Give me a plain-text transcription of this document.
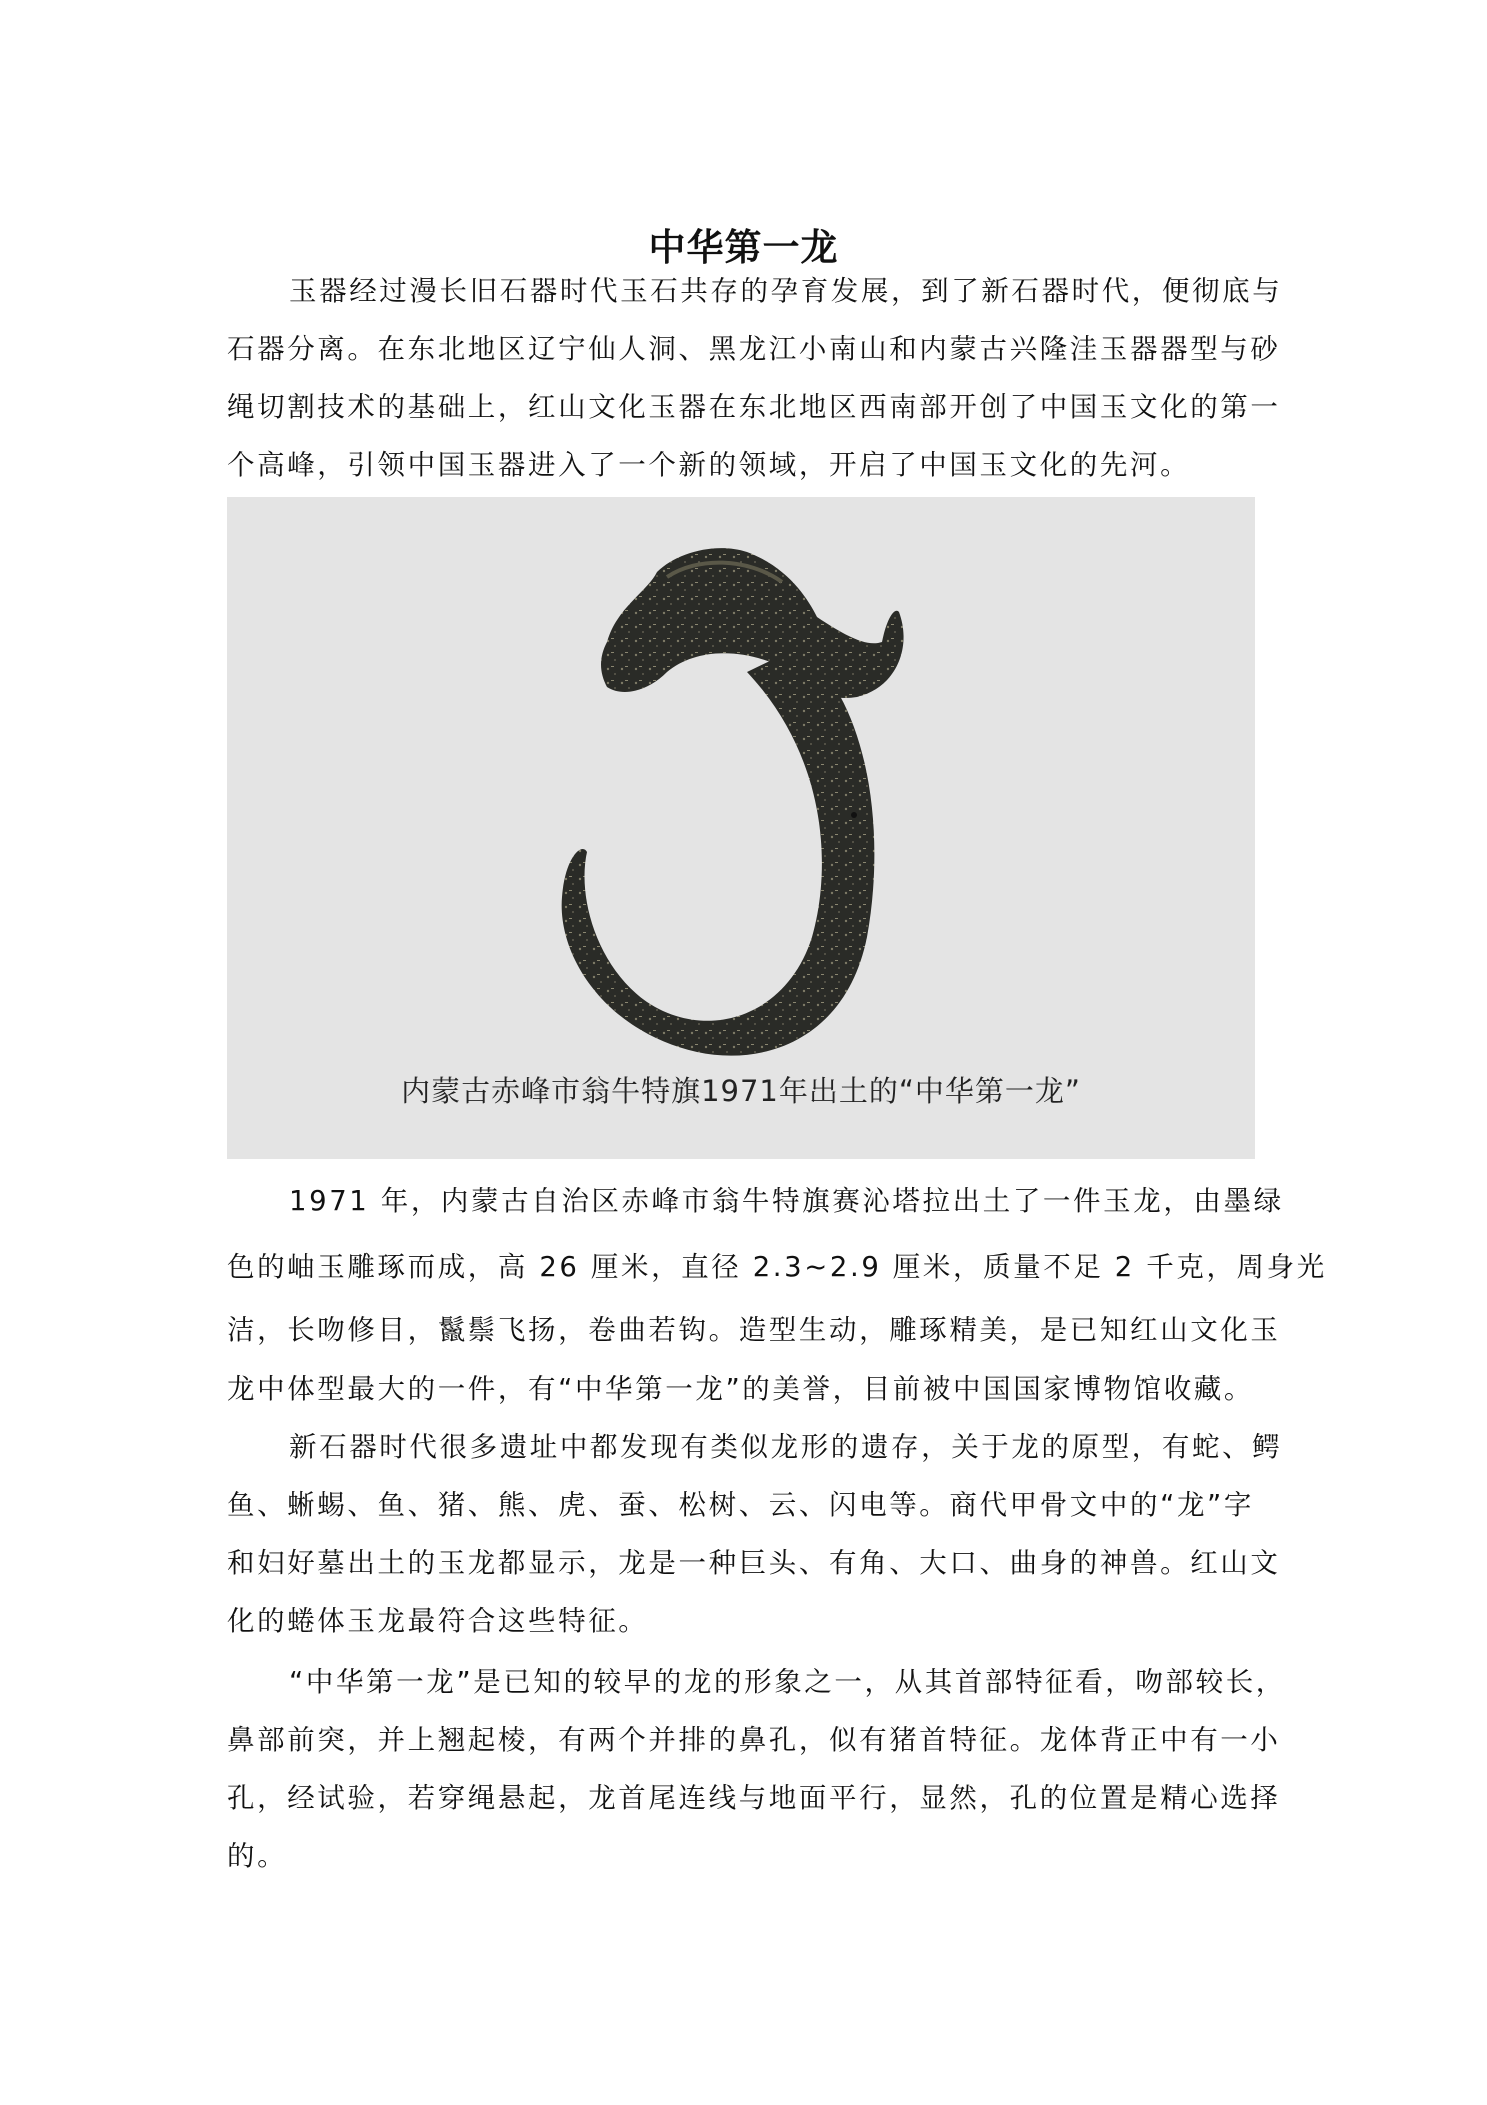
中华第一龙
玉器经过漫长旧石器时代玉石共存的孕育发展，到了新石器时代，便彻底与
石器分离。在东北地区辽宁仙人洞、黑龙江小南山和内蒙古兴隆洼玉器器型与砂
绳切割技术的基础上，红山文化玉器在东北地区西南部开创了中国玉文化的第一
个高峰，引领中国玉器进入了一个新的领域，开启了中国玉文化的先河。
内蒙古赤峰市翁牛特旗1971年出土的“中华第一龙”
1971 年，内蒙古自治区赤峰市翁牛特旗赛沁塔拉出土了一件玉龙，由墨绿
色的岫玉雕琢而成，高 26 厘米，直径 2.3~2.9 厘米，质量不足 2 千克，周身光
洁，长吻修目，鬣鬃飞扬，卷曲若钩。造型生动，雕琢精美，是已知红山文化玉
龙中体型最大的一件，有“中华第一龙”的美誉，目前被中国国家博物馆收藏。
新石器时代很多遗址中都发现有类似龙形的遗存，关于龙的原型，有蛇、鳄
鱼、蜥蜴、鱼、猪、熊、虎、蚕、松树、云、闪电等。商代甲骨文中的“龙”字
和妇好墓出土的玉龙都显示，龙是一种巨头、有角、大口、曲身的神兽。红山文
化的蜷体玉龙最符合这些特征。
“中华第一龙”是已知的较早的龙的形象之一，从其首部特征看，吻部较长，
鼻部前突，并上翘起棱，有两个并排的鼻孔，似有猪首特征。龙体背正中有一小
孔，经试验，若穿绳悬起，龙首尾连线与地面平行，显然，孔的位置是精心选择
的。
